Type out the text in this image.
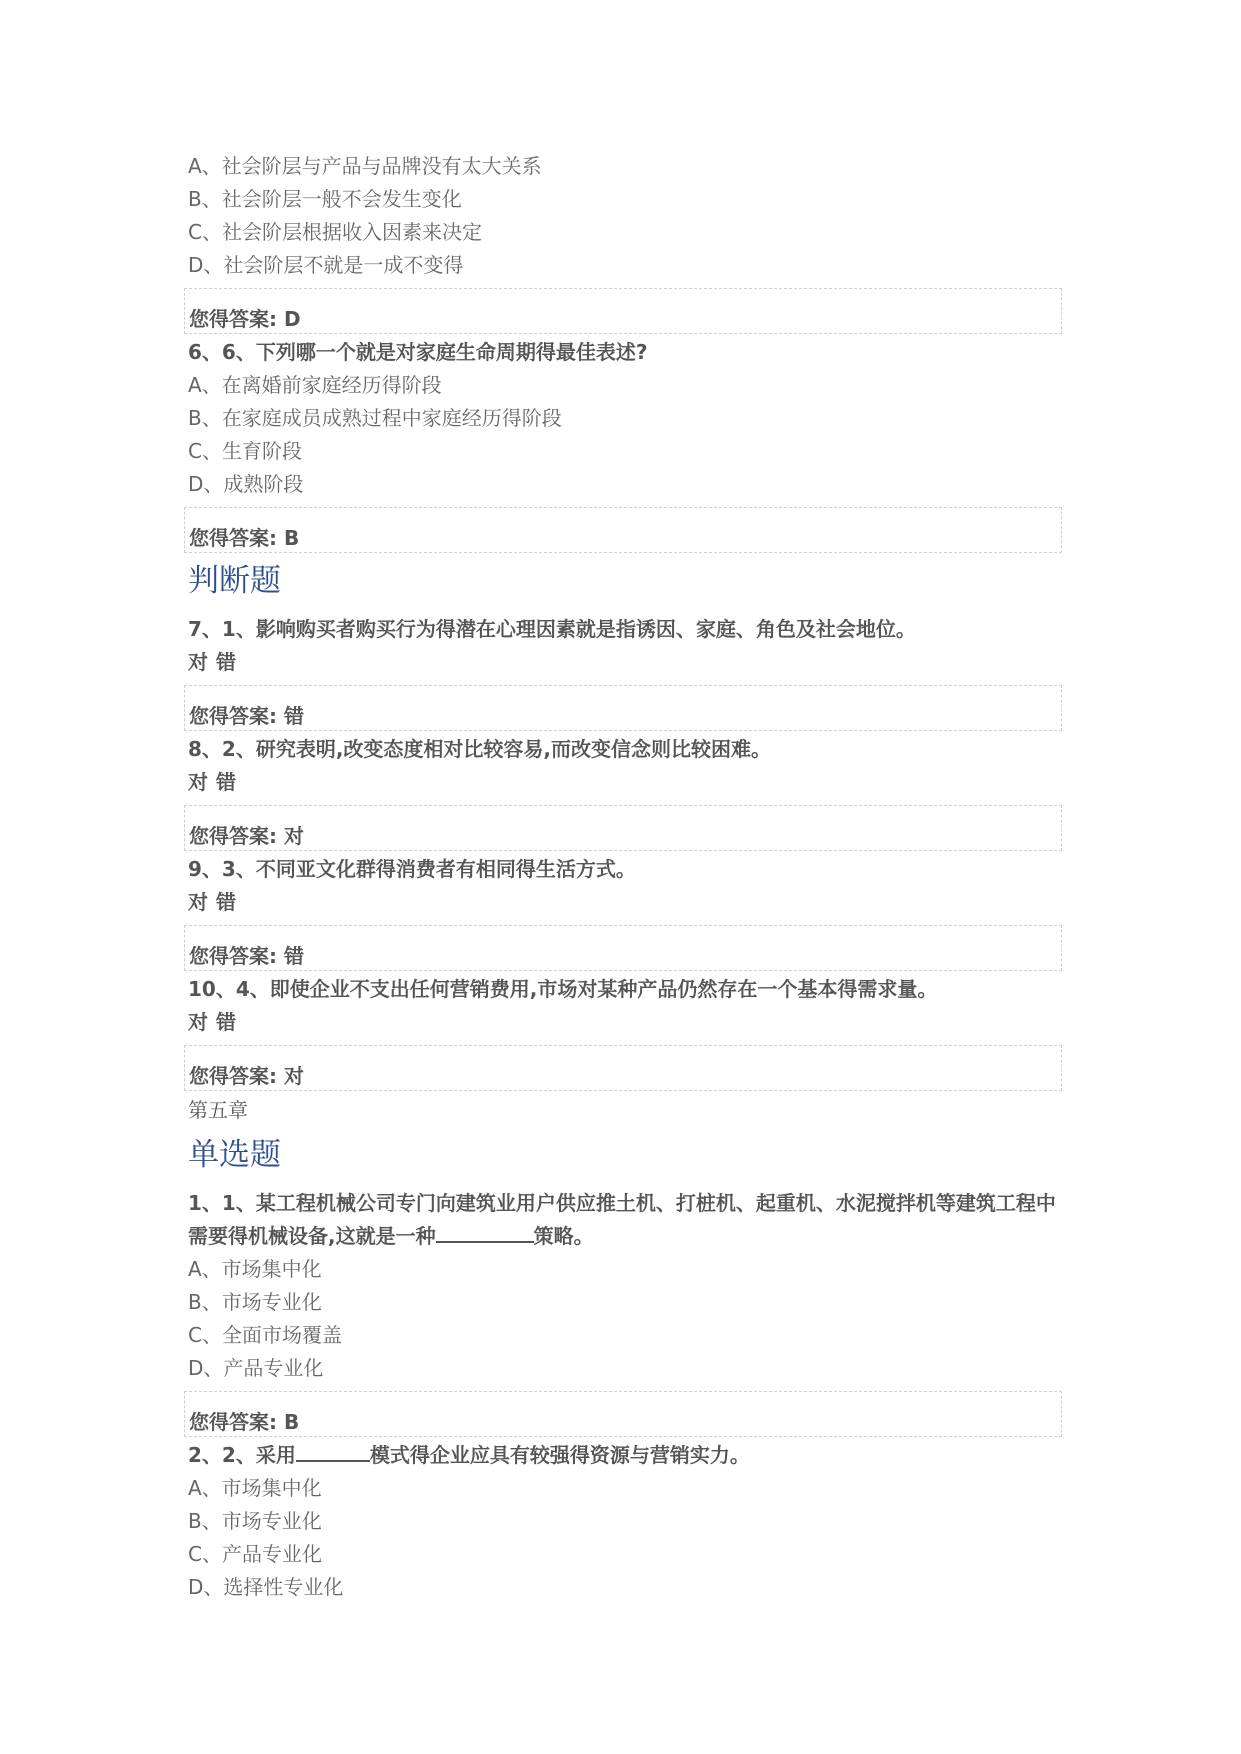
A、社会阶层与产品与品牌没有太大关系
B、社会阶层一般不会发生变化
C、社会阶层根据收入因素来决定
D、社会阶层不就是一成不变得
您得答案: D
6、6、下列哪一个就是对家庭生命周期得最佳表述?
A、在离婚前家庭经历得阶段
B、在家庭成员成熟过程中家庭经历得阶段
C、生育阶段
D、成熟阶段
您得答案: B
判断题
7、1、影响购买者购买行为得潜在心理因素就是指诱因、家庭、角色及社会地位。
对 错
您得答案: 错
8、2、研究表明,改变态度相对比较容易,而改变信念则比较困难。
对 错
您得答案: 对
9、3、不同亚文化群得消费者有相同得生活方式。
对 错
您得答案: 错
10、4、即使企业不支出任何营销费用,市场对某种产品仍然存在一个基本得需求量。
对 错
您得答案: 对
第五章
单选题
1、1、某工程机械公司专门向建筑业用户供应推土机、打桩机、起重机、水泥搅拌机等建筑工程中需要得机械设备,这就是一种	策略。
A、市场集中化
B、市场专业化
C、全面市场覆盖
D、产品专业化
您得答案: B
2、2、采用	模式得企业应具有较强得资源与营销实力。
A、市场集中化
B、市场专业化
C、产品专业化
D、选择性专业化
